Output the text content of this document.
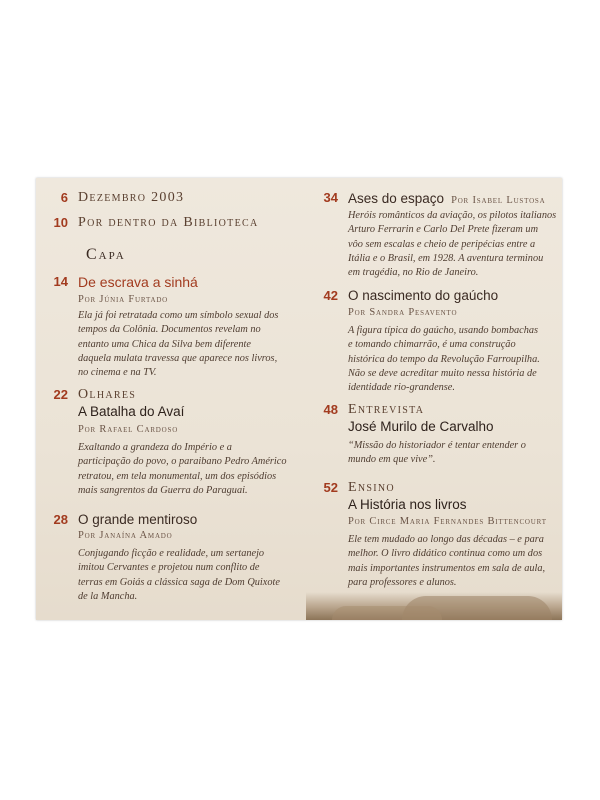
6 Dezembro 2003
10 Por dentro da Biblioteca
Capa
14 De escrava a sinhá
Por Júnia Furtado
Ela já foi retratada como um símbolo sexual dos
tempos da Colônia. Documentos revelam no
entanto uma Chica da Silva bem diferente
daquela mulata travessa que aparece nos livros,
no cinema e na TV.
22 Olhares
A Batalha do Avaí
Por Rafael Cardoso
Exaltando a grandeza do Império e a
participação do povo, o paraibano Pedro Américo
retratou, em tela monumental, um dos episódios
mais sangrentos da Guerra do Paraguai.
28 O grande mentiroso
Por Janaína Amado
Conjugando ficção e realidade, um sertanejo
imitou Cervantes e projetou num conflito de
terras em Goiás a clássica saga de Dom Quixote
de la Mancha.
34 Ases do espaço Por Isabel Lustosa
Heróis românticos da aviação, os pilotos italianos
Arturo Ferrarin e Carlo Del Prete fizeram um
vôo sem escalas e cheio de peripécias entre a
Itália e o Brasil, em 1928. A aventura terminou
em tragédia, no Rio de Janeiro.
42 O nascimento do gaúcho
Por Sandra Pesavento
A figura típica do gaúcho, usando bombachas
e tomando chimarrão, é uma construção
histórica do tempo da Revolução Farroupilha.
Não se deve acreditar muito nessa história de
identidade rio-grandense.
48 Entrevista
José Murilo de Carvalho
“Missão do historiador é tentar entender o
mundo em que vive”.
52 Ensino
A História nos livros
Por Circe Maria Fernandes Bittencourt
Ele tem mudado ao longo das décadas – e para
melhor. O livro didático continua como um dos
mais importantes instrumentos em sala de aula,
para professores e alunos.
